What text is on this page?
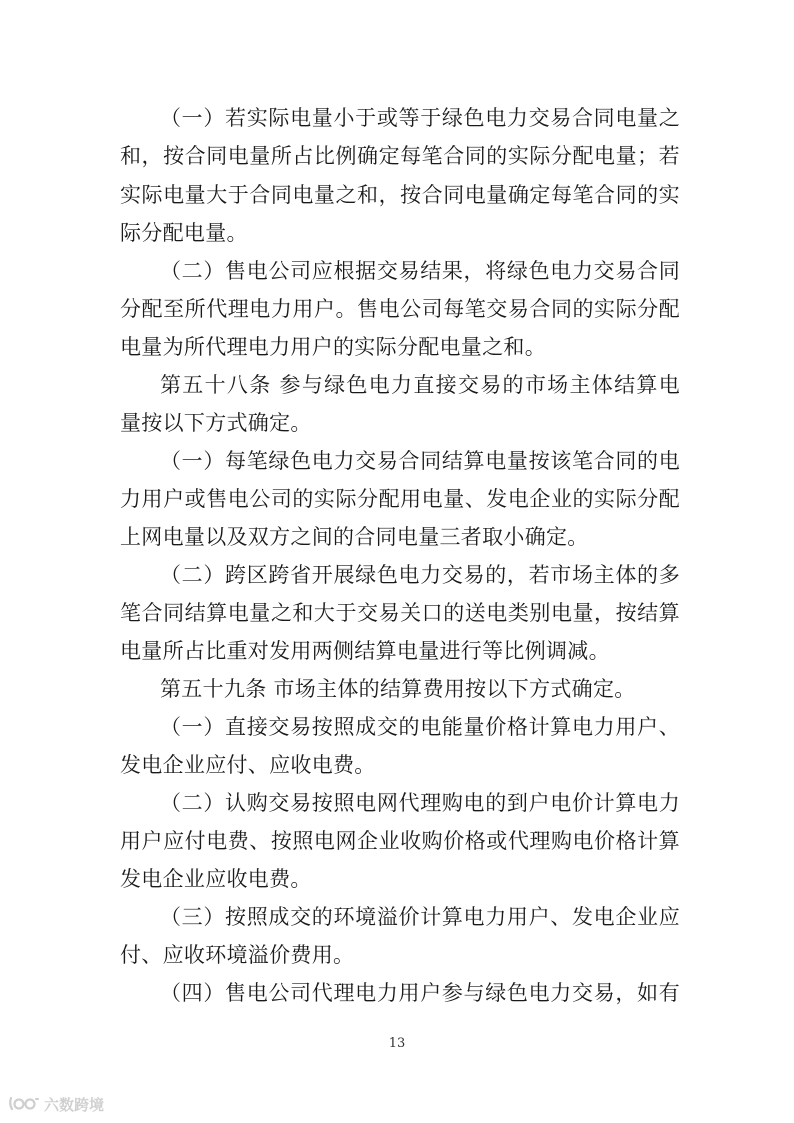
（一）若实际电量小于或等于绿色电力交易合同电量之
和，按合同电量所占比例确定每笔合同的实际分配电量；若
实际电量大于合同电量之和，按合同电量确定每笔合同的实
际分配电量。
（二）售电公司应根据交易结果，将绿色电力交易合同
分配至所代理电力用户。售电公司每笔交易合同的实际分配
电量为所代理电力用户的实际分配电量之和。
第五十八条 参与绿色电力直接交易的市场主体结算电
量按以下方式确定。
（一）每笔绿色电力交易合同结算电量按该笔合同的电
力用户或售电公司的实际分配用电量、发电企业的实际分配
上网电量以及双方之间的合同电量三者取小确定。
（二）跨区跨省开展绿色电力交易的，若市场主体的多
笔合同结算电量之和大于交易关口的送电类别电量，按结算
电量所占比重对发用两侧结算电量进行等比例调减。
第五十九条 市场主体的结算费用按以下方式确定。
（一）直接交易按照成交的电能量价格计算电力用户、
发电企业应付、应收电费。
（二）认购交易按照电网代理购电的到户电价计算电力
用户应付电费、按照电网企业收购价格或代理购电价格计算
发电企业应收电费。
（三）按照成交的环境溢价计算电力用户、发电企业应
付、应收环境溢价费用。
（四）售电公司代理电力用户参与绿色电力交易，如有
13
六数跨境
